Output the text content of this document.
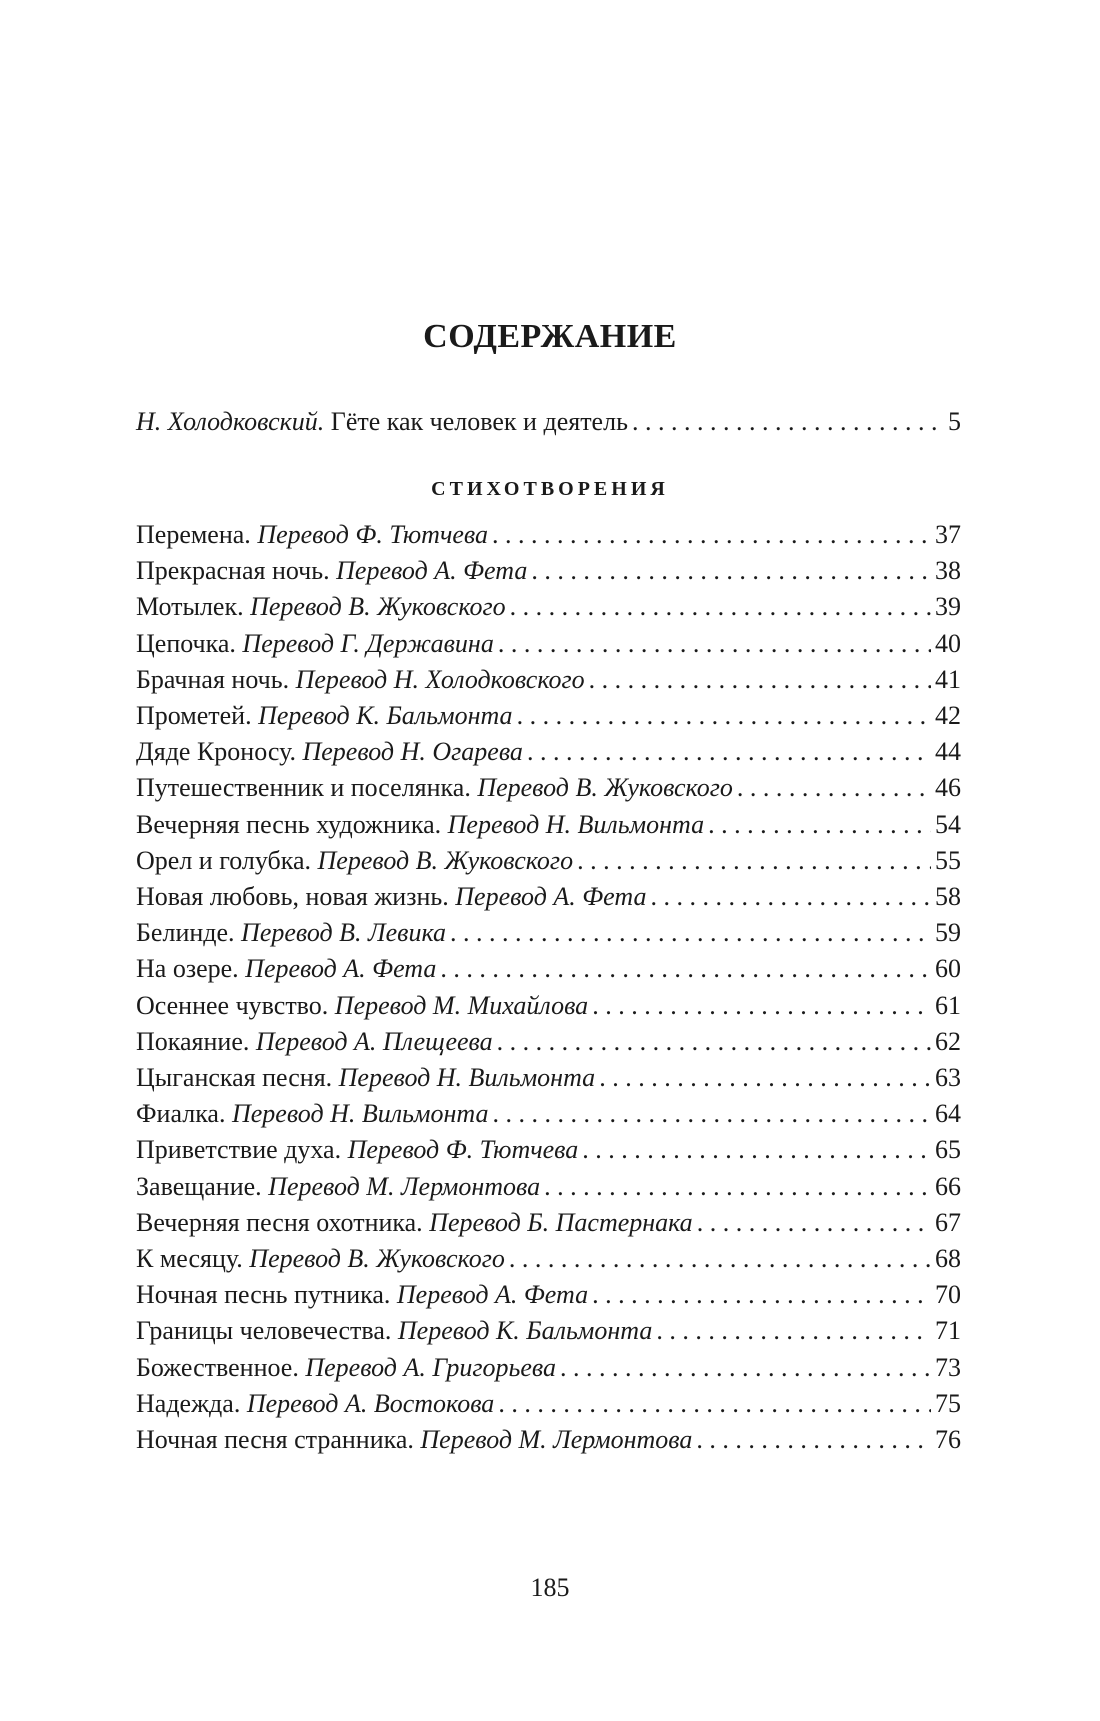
СОДЕРЖАНИЕ
Н. Холодковский. Гёте как человек и деятель . . .	5
СТИХОТВОРЕНИЯ
Перемена. Перевод Ф. Тютчева . . .	37
Прекрасная ночь. Перевод А. Фета . . .	38
Мотылек. Перевод В. Жуковского . . .	39
Цепочка. Перевод Г. Державина . . .	40
Брачная ночь. Перевод Н. Холодковского . . .	41
Прометей. Перевод К. Бальмонта . . .	42
Дяде Кроносу. Перевод Н. Огарева . . .	44
Путешественник и поселянка. Перевод В. Жуковского . . .	46
Вечерняя песнь художника. Перевод Н. Вильмонта . . .	54
Орел и голубка. Перевод В. Жуковского . . .	55
Новая любовь, новая жизнь. Перевод А. Фета . . .	58
Белинде. Перевод В. Левика . . .	59
На озере. Перевод А. Фета . . .	60
Осеннее чувство. Перевод М. Михайлова . . .	61
Покаяние. Перевод А. Плещеева . . .	62
Цыганская песня. Перевод Н. Вильмонта . . .	63
Фиалка. Перевод Н. Вильмонта . . .	64
Приветствие духа. Перевод Ф. Тютчева . . .	65
Завещание. Перевод М. Лермонтова . . .	66
Вечерняя песня охотника. Перевод Б. Пастернака . . .	67
К месяцу. Перевод В. Жуковского . . .	68
Ночная песнь путника. Перевод А. Фета . . .	70
Границы человечества. Перевод К. Бальмонта . . .	71
Божественное. Перевод А. Григорьева . . .	73
Надежда. Перевод А. Востокова . . .	75
Ночная песня странника. Перевод М. Лермонтова . . .	76
185
